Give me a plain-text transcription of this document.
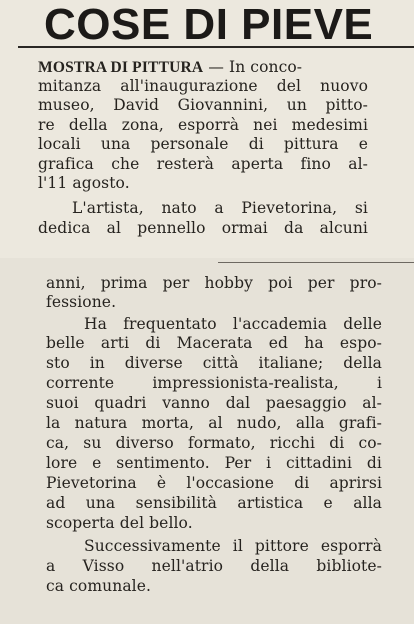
COSE DI PIEVE
MOSTRA DI PITTURA — In conco-
mitanza all'inaugurazione del nuovo
museo, David Giovannini, un pitto-
re della zona, esporrà nei medesimi
locali una personale di pittura e
grafica che resterà aperta fino al-
l'11 agosto.
L'artista, nato a Pievetorina, si
dedica al pennello ormai da alcuni
anni, prima per hobby poi per pro-
fessione.
Ha frequentato l'accademia delle
belle arti di Macerata ed ha espo-
sto in diverse città italiane; della
corrente impressionista-realista, i
suoi quadri vanno dal paesaggio al-
la natura morta, al nudo, alla grafi-
ca, su diverso formato, ricchi di co-
lore e sentimento. Per i cittadini di
Pievetorina è l'occasione di aprirsi
ad una sensibilità artistica e alla
scoperta del bello.
Successivamente il pittore esporrà
a Visso nell'atrio della bibliote-
ca comunale.
